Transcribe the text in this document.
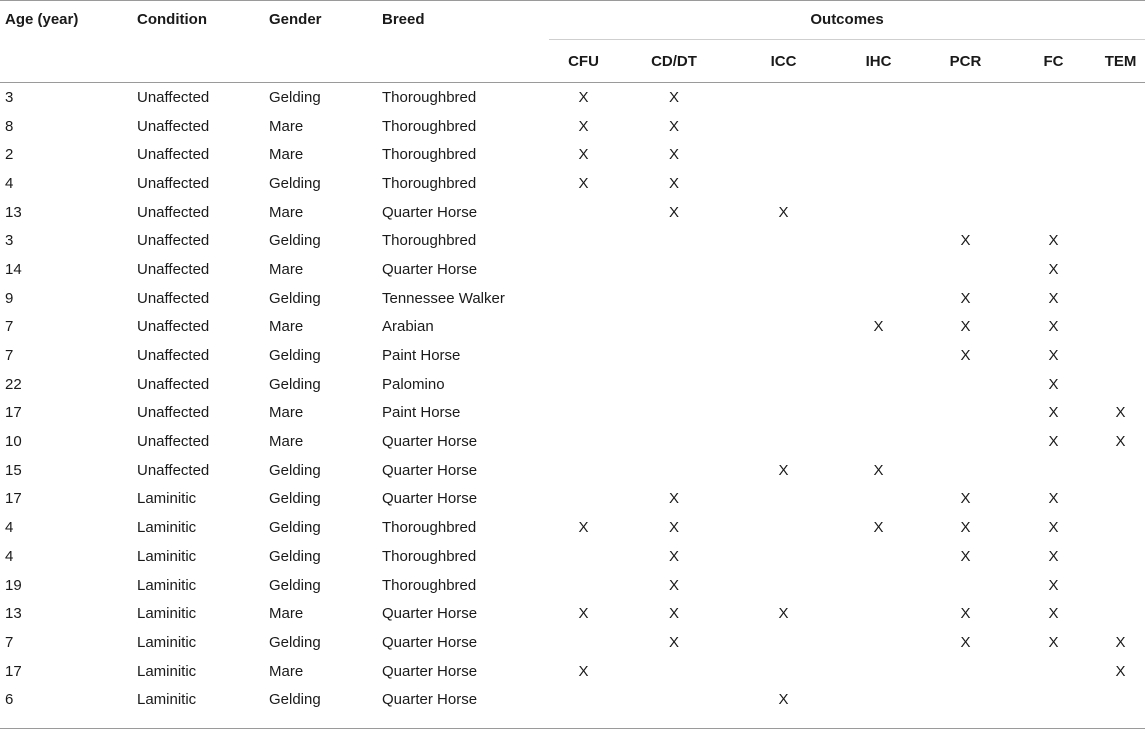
Age (year)	Condition	Gender	Breed	Outcomes						
				CFU	CD/DT	ICC	IHC	PCR	FC	TEM
3	Unaffected	Gelding	Thoroughbred	X	X					
8	Unaffected	Mare	Thoroughbred	X	X					
2	Unaffected	Mare	Thoroughbred	X	X					
4	Unaffected	Gelding	Thoroughbred	X	X					
13	Unaffected	Mare	Quarter Horse		X	X				
3	Unaffected	Gelding	Thoroughbred					X	X	
14	Unaffected	Mare	Quarter Horse						X	
9	Unaffected	Gelding	Tennessee Walker					X	X	
7	Unaffected	Mare	Arabian				X	X	X	
7	Unaffected	Gelding	Paint Horse					X	X	
22	Unaffected	Gelding	Palomino						X	
17	Unaffected	Mare	Paint Horse						X	X
10	Unaffected	Mare	Quarter Horse						X	X
15	Unaffected	Gelding	Quarter Horse			X	X			
17	Laminitic	Gelding	Quarter Horse		X			X	X	
4	Laminitic	Gelding	Thoroughbred	X	X		X	X	X	
4	Laminitic	Gelding	Thoroughbred		X			X	X	
19	Laminitic	Gelding	Thoroughbred		X				X	
13	Laminitic	Mare	Quarter Horse	X	X	X		X	X	
7	Laminitic	Gelding	Quarter Horse		X			X	X	X
17	Laminitic	Mare	Quarter Horse	X						X
6	Laminitic	Gelding	Quarter Horse			X				
